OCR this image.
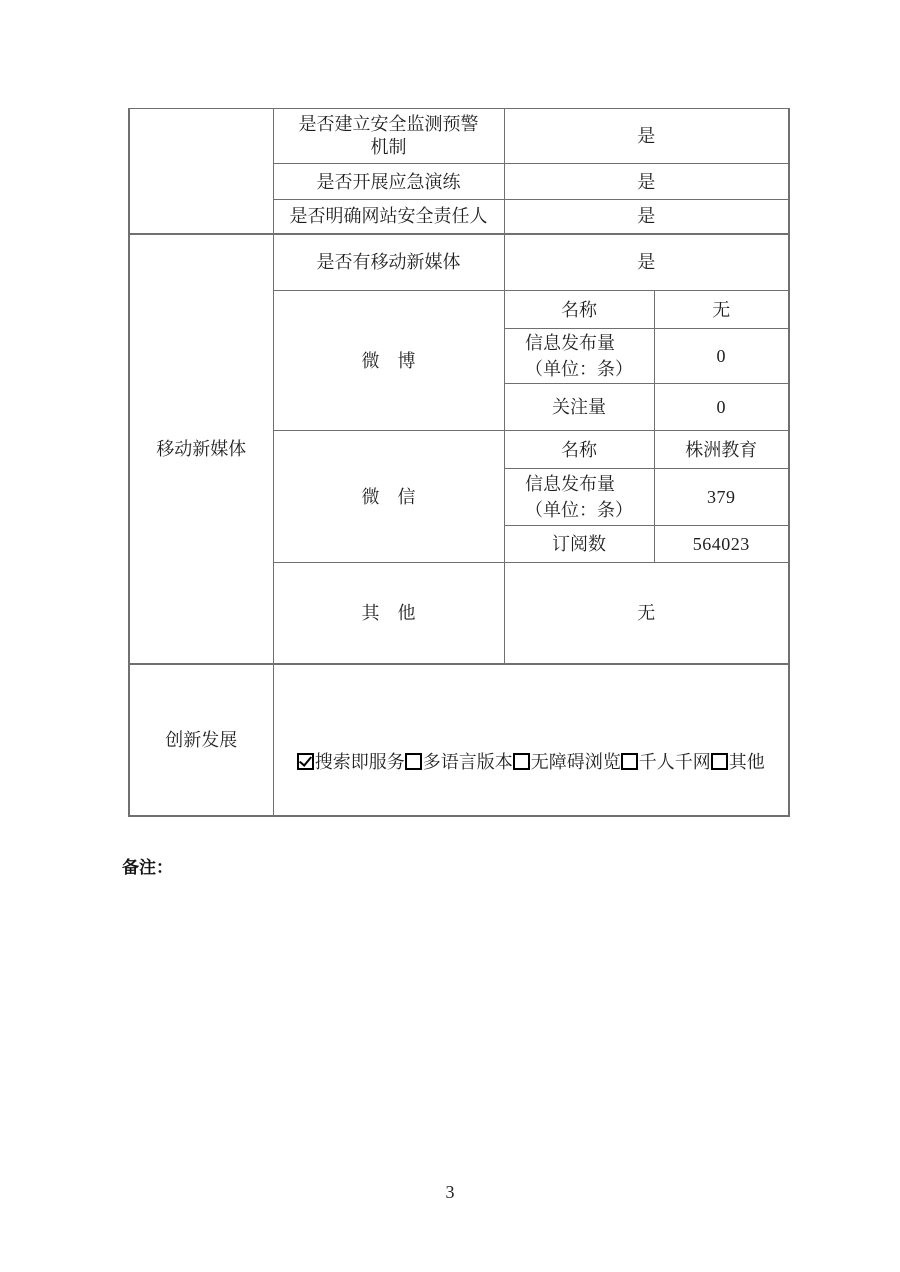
	是否建立安全监测预警
机制	是	
	是否开展应急演练	是	
	是否明确网站安全责任人	是	
移动新媒体	是否有移动新媒体	是	
	微　博	名称	无

		信息发布量
（单位：条）	0
		关注量	0
	微　信	名称	株洲教育

		信息发布量
（单位：条）	379
		订阅数	564023
	其　他	无	
创新发展	搜索即服务 多语言版本 无障碍浏览 千人千网 其他		
备注：
3
